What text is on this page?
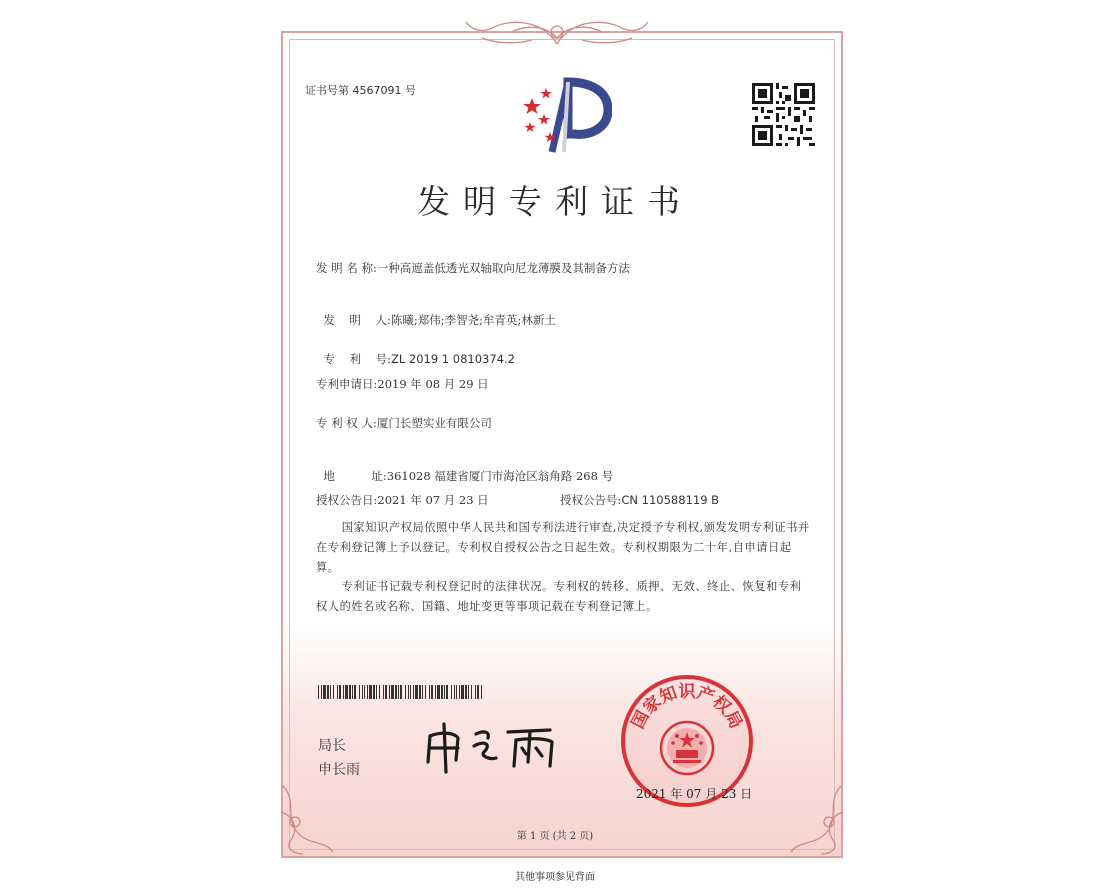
证书号第 4567091 号
发明专利证书
发 明 名 称:一种高遮盖低透光双轴取向尼龙薄膜及其制备方法

发    明    人:陈曦;郑伟;李智尧;牟青英;林新土

专    利    号:ZL 2019 1 0810374.2

专利申请日:2019 年 08 月 29 日
专 利 权 人:厦门长塑实业有限公司

地          址:361028 福建省厦门市海沧区翁角路 268 号

授权公告日:2021 年 07 月 23 日	授权公告号:CN 110588119 B
国家知识产权局依照中华人民共和国专利法进行审查,决定授予专利权,颁发发明专利证书并在专利登记簿上予以登记。专利权自授权公告之日起生效。专利权期限为二十年,自申请日起算。
专利证书记载专利权登记时的法律状况。专利权的转移、质押、无效、终止、恢复和专利权人的姓名或名称、国籍、地址变更等事项记载在专利登记簿上。
局长
申长雨
国家知识产权局
2021 年 07 月 23 日
第 1 页 (共 2 页)
其他事项参见背面
